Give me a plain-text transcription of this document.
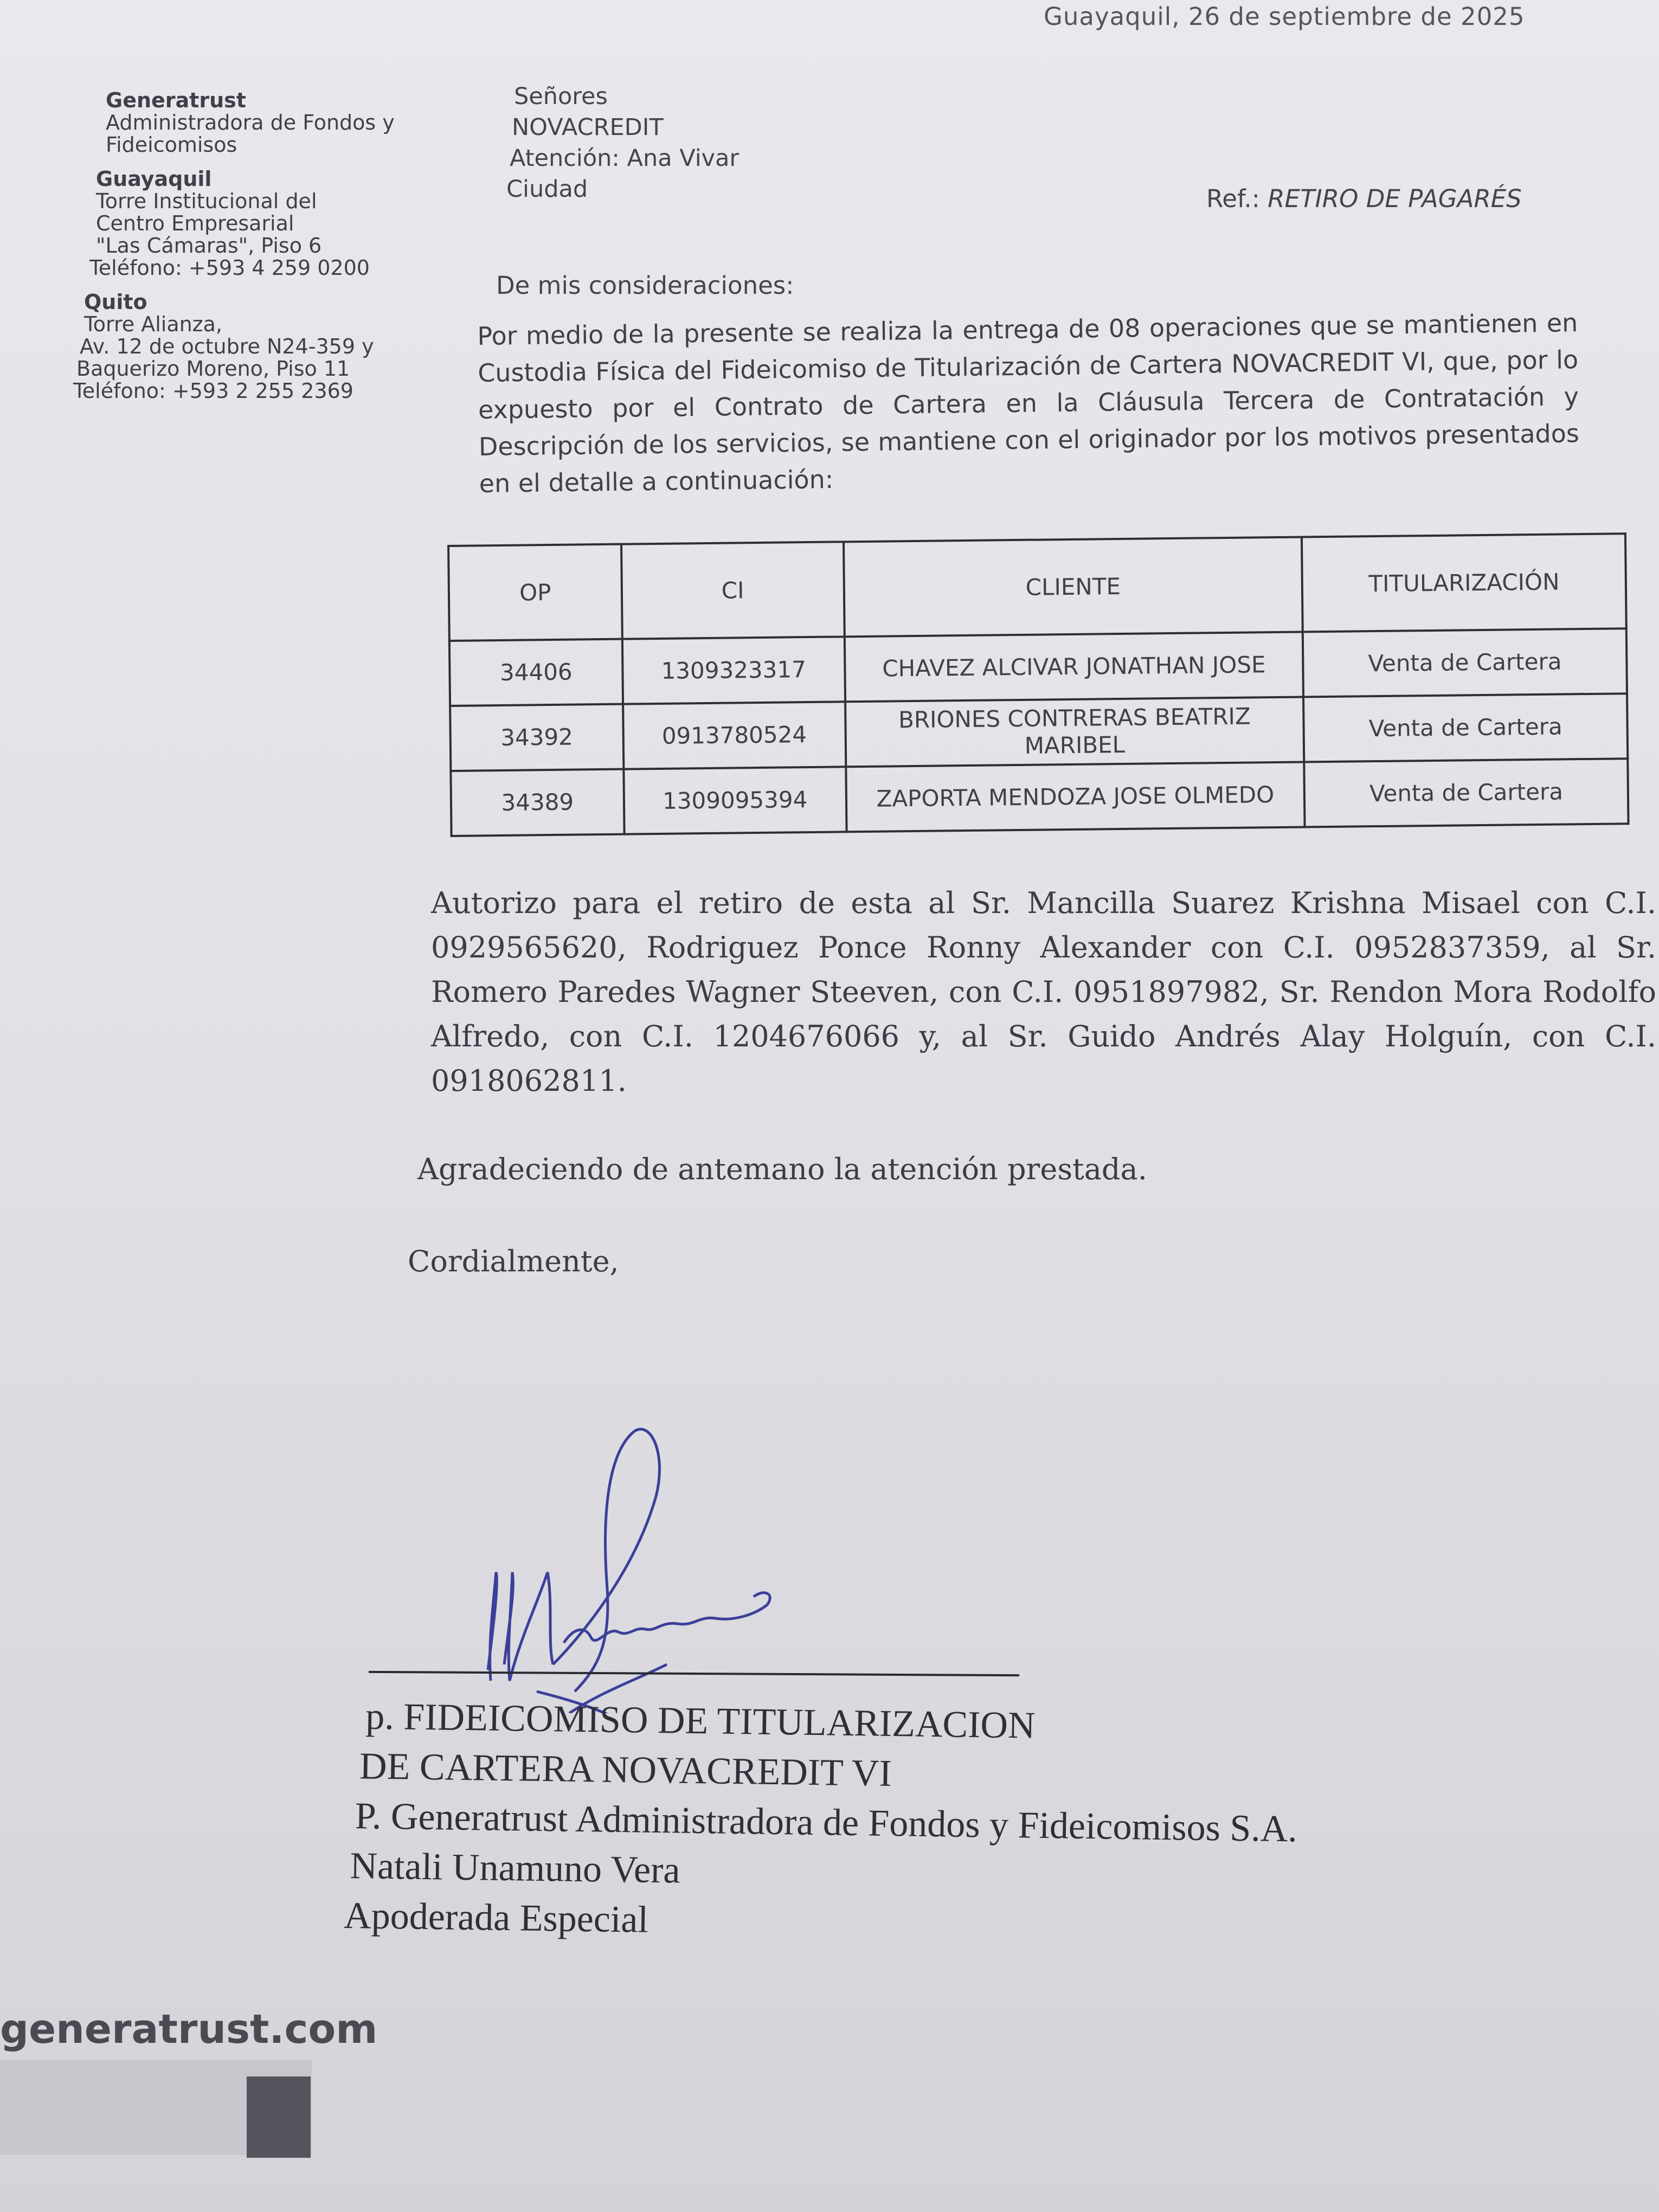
Guayaquil, 26 de septiembre de 2025
Generatrust
Administradora de Fondos y
Fideicomisos
Guayaquil
Torre Institucional del
Centro Empresarial
"Las Cámaras", Piso 6
Teléfono: +593 4 259 0200
Quito
Torre Alianza,
Av. 12 de octubre N24-359 y
Baquerizo Moreno, Piso 11
Teléfono: +593 2 255 2369
Señores
NOVACREDIT
Atención: Ana Vivar
Ciudad	Ref.: RETIRO DE PAGARÉS
De mis consideraciones:
Por medio de la presente se realiza la entrega de 08 operaciones que se mantienen en Custodia Física del Fideicomiso de Titularización de Cartera NOVACREDIT VI, que, por lo expuesto por el Contrato de Cartera en la Cláusula Tercera de Contratación y Descripción de los servicios, se mantiene con el originador por los motivos presentados en el detalle a continuación:
OP	CI	CLIENTE	TITULARIZACIÓN
34406	1309323317	CHAVEZ ALCIVAR JONATHAN JOSE	Venta de Cartera
34392	0913780524	BRIONES CONTRERAS BEATRIZ MARIBEL	Venta de Cartera
34389	1309095394	ZAPORTA MENDOZA JOSE OLMEDO	Venta de Cartera
Autorizo para el retiro de esta al Sr. Mancilla Suarez Krishna Misael con C.I. 0929565620, Rodriguez Ponce Ronny Alexander con C.I. 0952837359, al Sr. Romero Paredes Wagner Steeven, con C.I. 0951897982, Sr. Rendon Mora Rodolfo Alfredo, con C.I. 1204676066 y, al Sr. Guido Andrés Alay Holguín, con C.I. 0918062811.
Agradeciendo de antemano la atención prestada.
Cordialmente,
p. FIDEICOMISO DE TITULARIZACION
DE CARTERA NOVACREDIT VI
P. Generatrust Administradora de Fondos y Fideicomisos S.A.
Natali Unamuno Vera
Apoderada Especial
generatrust.com
